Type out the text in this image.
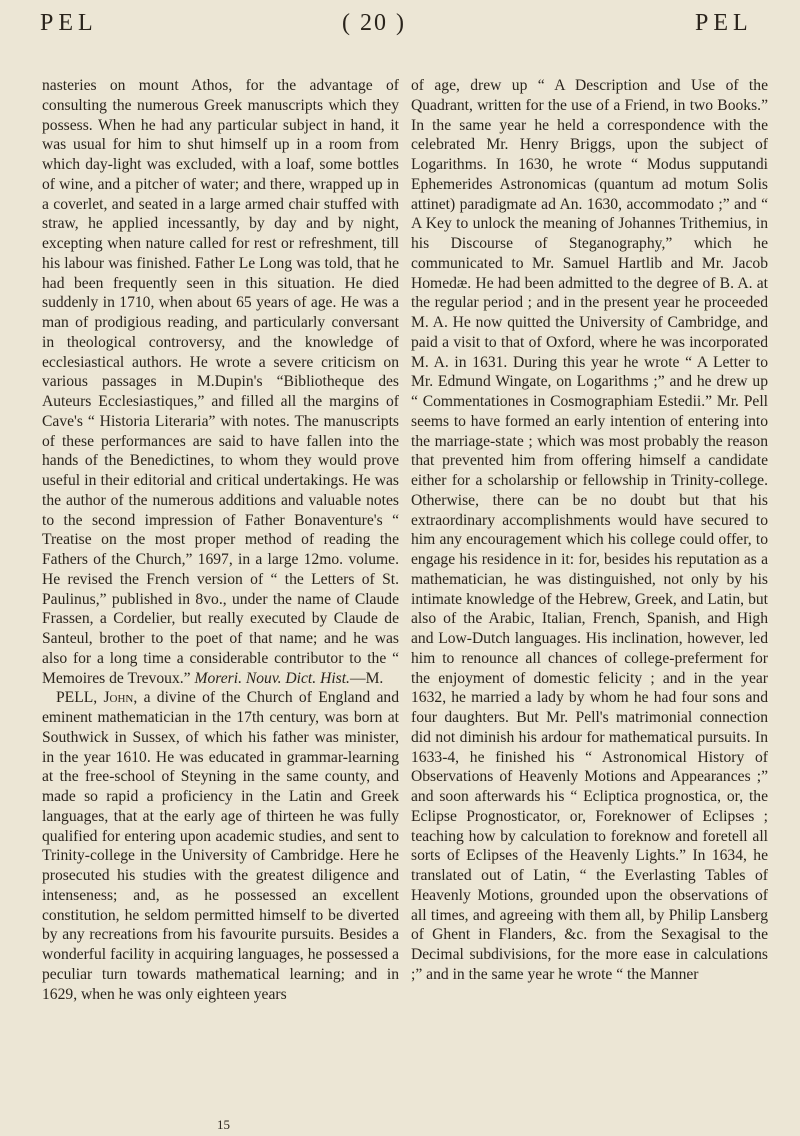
PEL	( 20 )	PEL

nasteries on mount Athos, for the advantage of consulting the numerous Greek manuscripts which they possess. When he had any particular subject in hand, it was usual for him to shut himself up in a room from which day-light was excluded, with a loaf, some bottles of wine, and a pitcher of water; and there, wrapped up in a coverlet, and seated in a large armed chair stuffed with straw, he applied incessantly, by day and by night, excepting when nature called for rest or refreshment, till his labour was finished. Father Le Long was told, that he had been frequently seen in this situation. He died suddenly in 1710, when about 65 years of age. He was a man of prodigious reading, and particularly conversant in theological controversy, and the knowledge of ecclesiastical authors. He wrote a severe criticism on various passages in M.Dupin's “Bibliotheque des Auteurs Ecclesiastiques,” and filled all the margins of Cave's “ Historia Literaria” with notes. The manuscripts of these performances are said to have fallen into the hands of the Benedictines, to whom they would prove useful in their editorial and critical undertakings. He was the author of the numerous additions and valuable notes to the second impression of Father Bonaventure's “ Treatise on the most proper method of reading the Fathers of the Church,” 1697, in a large 12mo. volume. He revised the French version of “ the Letters of St. Paulinus,” published in 8vo., under the name of Claude Frassen, a Cordelier, but really executed by Claude de Santeul, brother to the poet of that name; and he was also for a long time a considerable contributor to the “ Memoires de Trevoux.” Moreri. Nouv. Dict. Hist.—M.

PELL, John, a divine of the Church of England and eminent mathematician in the 17th century, was born at Southwick in Sussex, of which his father was minister, in the year 1610. He was educated in grammar-learning at the free-school of Steyning in the same county, and made so rapid a proficiency in the Latin and Greek languages, that at the early age of thirteen he was fully qualified for entering upon academic studies, and sent to Trinity-college in the University of Cambridge. Here he prosecuted his studies with the greatest diligence and intenseness; and, as he possessed an excellent constitution, he seldom permitted himself to be diverted by any recreations from his favourite pursuits. Besides a wonderful facility in acquiring languages, he possessed a peculiar turn towards mathematical learning; and in 1629, when he was only eighteen years

of age, drew up “ A Description and Use of the Quadrant, written for the use of a Friend, in two Books.” In the same year he held a correspondence with the celebrated Mr. Henry Briggs, upon the subject of Logarithms. In 1630, he wrote “ Modus supputandi Ephemerides Astronomicas (quantum ad motum Solis attinet) paradigmate ad An. 1630, accommodato ;” and “ A Key to unlock the meaning of Johannes Trithemius, in his Discourse of Steganography,” which he communicated to Mr. Samuel Hartlib and Mr. Jacob Homedæ. He had been admitted to the degree of B. A. at the regular period ; and in the present year he proceeded M. A. He now quitted the University of Cambridge, and paid a visit to that of Oxford, where he was incorporated M. A. in 1631. During this year he wrote “ A Letter to Mr. Edmund Wingate, on Logarithms ;” and he drew up “ Commentationes in Cosmographiam Estedii.” Mr. Pell seems to have formed an early intention of entering into the marriage-state ; which was most probably the reason that prevented him from offering himself a candidate either for a scholarship or fellowship in Trinity-college. Otherwise, there can be no doubt but that his extraordinary accomplishments would have secured to him any encouragement which his college could offer, to engage his residence in it: for, besides his reputation as a mathematician, he was distinguished, not only by his intimate knowledge of the Hebrew, Greek, and Latin, but also of the Arabic, Italian, French, Spanish, and High and Low-Dutch languages. His inclination, however, led him to renounce all chances of college-preferment for the enjoyment of domestic felicity ; and in the year 1632, he married a lady by whom he had four sons and four daughters. But Mr. Pell's matrimonial connection did not diminish his ardour for mathematical pursuits. In 1633-4, he finished his “ Astronomical History of Observations of Heavenly Motions and Appearances ;” and soon afterwards his “ Ecliptica prognostica, or, the Eclipse Prognosticator, or, Foreknower of Eclipses ; teaching how by calculation to foreknow and foretell all sorts of Eclipses of the Heavenly Lights.” In 1634, he translated out of Latin, “ the Everlasting Tables of Heavenly Motions, grounded upon the observations of all times, and agreeing with them all, by Philip Lansberg of Ghent in Flanders, &c. from the Sexagisal to the Decimal subdivisions, for the more ease in calculations ;” and in the same year he wrote “ the Manner

15
